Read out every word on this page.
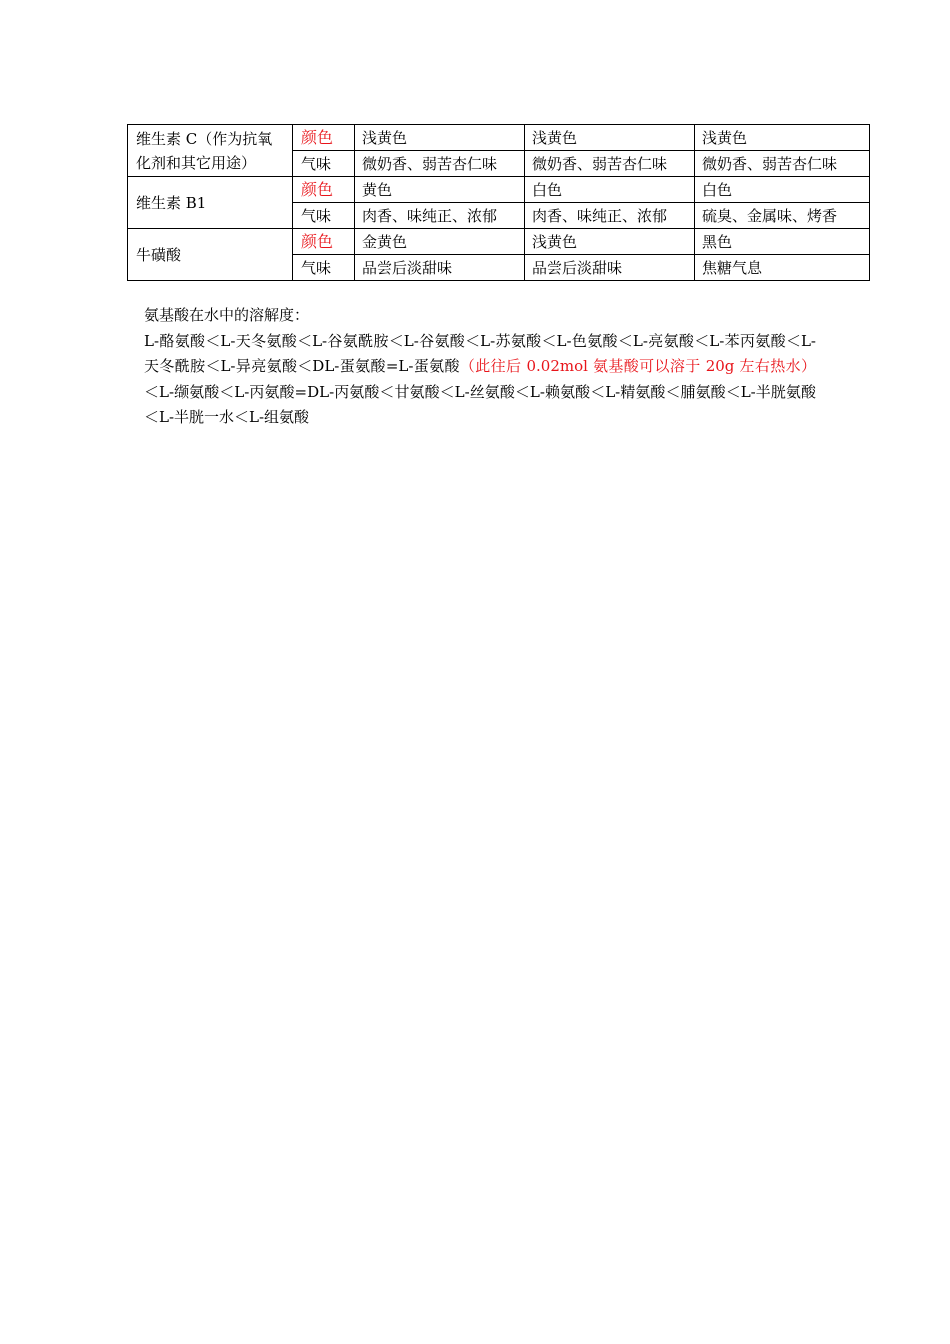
维生素 C（作为抗氧化剂和其它用途）	颜色	浅黄色	浅黄色	浅黄色
	气味	微奶香、弱苦杏仁味	微奶香、弱苦杏仁味	微奶香、弱苦杏仁味
维生素 B1	颜色	黄色	白色	白色
	气味	肉香、味纯正、浓郁	肉香、味纯正、浓郁	硫臭、金属味、烤香
牛磺酸	颜色	金黄色	浅黄色	黑色
	气味	品尝后淡甜味	品尝后淡甜味	焦糖气息

氨基酸在水中的溶解度：

L-酪氨酸＜L-天冬氨酸＜L-谷氨酰胺＜L-谷氨酸＜L-苏氨酸＜L-色氨酸＜L-亮氨酸＜L-苯丙氨酸＜L-天冬酰胺＜L-异亮氨酸＜DL-蛋氨酸=L-蛋氨酸（此往后 0.02mol 氨基酸可以溶于 20g 左右热水）＜L-缬氨酸＜L-丙氨酸=DL-丙氨酸＜甘氨酸＜L-丝氨酸＜L-赖氨酸＜L-精氨酸＜脯氨酸＜L-半胱氨酸＜L-半胱一水＜L-组氨酸
